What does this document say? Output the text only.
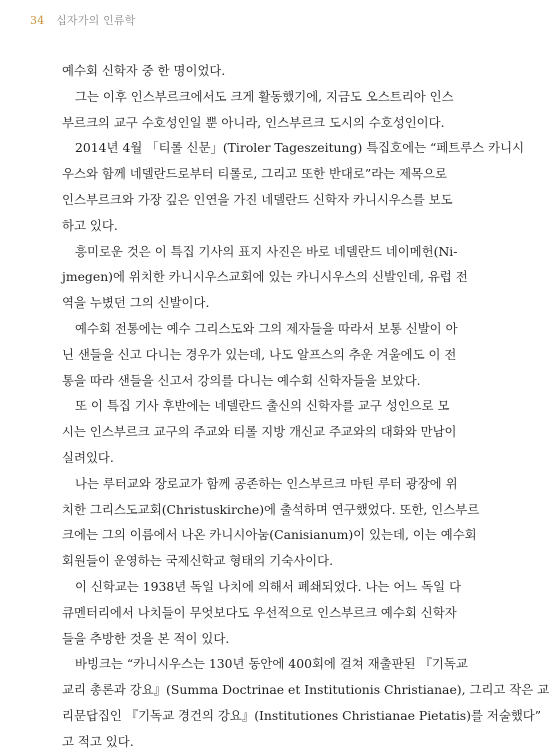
34 십자가의 인류학
예수회 신학자 중 한 명이었다.
그는 이후 인스부르크에서도 크게 활동했기에, 지금도 오스트리아 인스
부르크의 교구 수호성인일 뿐 아니라, 인스부르크 도시의 수호성인이다.
2014년 4월 「티롤 신문」(Tiroler Tageszeitung) 특집호에는 “페트루스 카니시
우스와 함께 네델란드로부터 티롤로, 그리고 또한 반대로”라는 제목으로
인스부르크와 가장 깊은 인연을 가진 네델란드 신학자 카니시우스를 보도
하고 있다.
흥미로운 것은 이 특집 기사의 표지 사진은 바로 네델란드 네이메헌(Ni-
jmegen)에 위치한 카니시우스교회에 있는 카니시우스의 신발인데, 유럽 전
역을 누볐던 그의 신발이다.
예수회 전통에는 예수 그리스도와 그의 제자들을 따라서 보통 신발이 아
닌 샌들을 신고 다니는 경우가 있는데, 나도 알프스의 추운 겨울에도 이 전
통을 따라 샌들을 신고서 강의를 다니는 예수회 신학자들을 보았다.
또 이 특집 기사 후반에는 네델란드 출신의 신학자를 교구 성인으로 모
시는 인스부르크 교구의 주교와 티롤 지방 개신교 주교와의 대화와 만남이
실려있다.
나는 루터교와 장로교가 함께 공존하는 인스부르크 마틴 루터 광장에 위
치한 그리스도교회(Christuskirche)에 출석하며 연구했었다. 또한, 인스부르
크에는 그의 이름에서 나온 카니시아눔(Canisianum)이 있는데, 이는 예수회
회원들이 운영하는 국제신학교 형태의 기숙사이다.
이 신학교는 1938년 독일 나치에 의해서 폐쇄되었다. 나는 어느 독일 다
큐멘터리에서 나치들이 무엇보다도 우선적으로 인스부르크 예수회 신학자
들을 추방한 것을 본 적이 있다.
바빙크는 “카니시우스는 130년 동안에 400회에 걸쳐 재출판된 『기독교
교리 총론과 강요』(Summa Doctrinae et Institutionis Christianae), 그리고 작은 교
리문답집인 『기독교 경건의 강요』(Institutiones Christianae Pietatis)를 저술했다”
고 적고 있다.
